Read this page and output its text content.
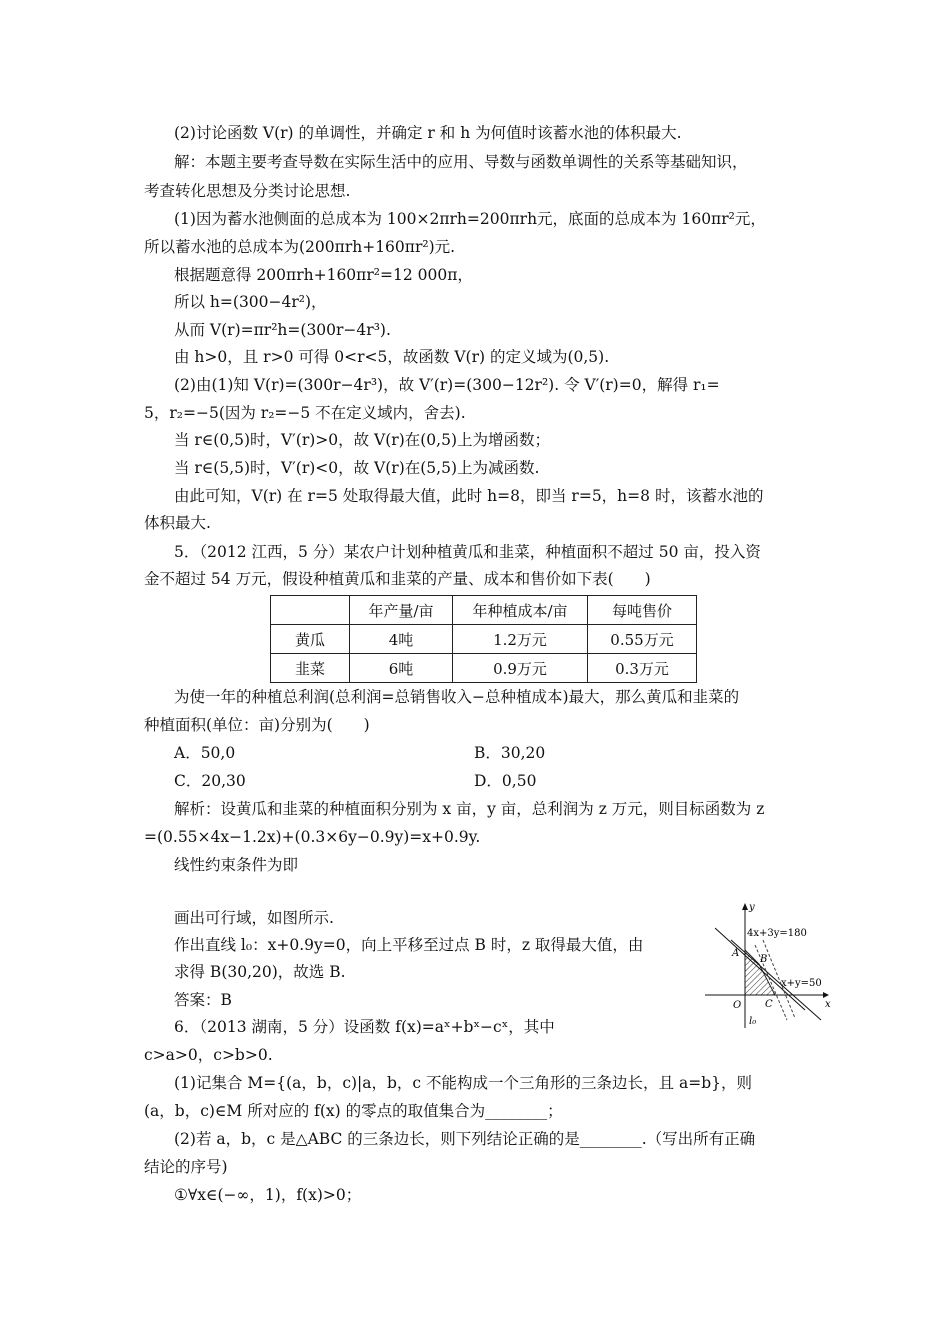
(2)讨论函数 V(r) 的单调性，并确定 r 和 h 为何值时该蓄水池的体积最大.
解：本题主要考查导数在实际生活中的应用、导数与函数单调性的关系等基础知识，
考查转化思想及分类讨论思想.
(1)因为蓄水池侧面的总成本为 100×2πrh=200πrh元，底面的总成本为 160πr²元，
所以蓄水池的总成本为(200πrh+160πr²)元.
根据题意得 200πrh+160πr²=12 000π，
所以 h=(300−4r²)，
从而 V(r)=πr²h=(300r−4r³).
由 h>0，且 r>0 可得 0<r<5，故函数 V(r) 的定义域为(0,5).
(2)由(1)知 V(r)=(300r−4r³)，故 V′(r)=(300−12r²). 令 V′(r)=0，解得 r₁=
5，r₂=−5(因为 r₂=−5 不在定义域内，舍去).
当 r∈(0,5)时，V′(r)>0，故 V(r)在(0,5)上为增函数；
当 r∈(5,5)时，V′(r)<0，故 V(r)在(5,5)上为减函数.
由此可知，V(r) 在 r=5 处取得最大值，此时 h=8，即当 r=5，h=8 时，该蓄水池的
体积最大.
5．（2012 江西，5 分）某农户计划种植黄瓜和韭菜，种植面积不超过 50 亩，投入资
金不超过 54 万元，假设种植黄瓜和韭菜的产量、成本和售价如下表(　　)
	年产量/亩	年种植成本/亩	每吨售价
黄瓜	4吨	1.2万元	0.55万元
韭菜	6吨	0.9万元	0.3万元
为使一年的种植总利润(总利润=总销售收入−总种植成本)最大，那么黄瓜和韭菜的
种植面积(单位：亩)分别为(　　)
A．50,0	B．30,20
C．20,30	D．0,50
解析：设黄瓜和韭菜的种植面积分别为 x 亩，y 亩，总利润为 z 万元，则目标函数为 z
=(0.55×4x−1.2x)+(0.3×6y−0.9y)=x+0.9y.
线性约束条件为即
画出可行域，如图所示.
作出直线 l₀：x+0.9y=0，向上平移至过点 B 时，z 取得最大值，由
求得 B(30,20)，故选 B.
答案：B
6．（2013 湖南，5 分）设函数 f(x)=aˣ+bˣ−cˣ，其中
c>a>0，c>b>0.
(1)记集合 M={(a，b，c)|a，b，c 不能构成一个三角形的三条边长，且 a=b}，则
(a，b，c)∈M 所对应的 f(x) 的零点的取值集合为________；
(2)若 a，b，c 是△ABC 的三条边长，则下列结论正确的是________.（写出所有正确
结论的序号)
①∀x∈(−∞，1)，f(x)>0；
y
x
4x+3y=180
x+y=50
O
A
B
C
l₀
